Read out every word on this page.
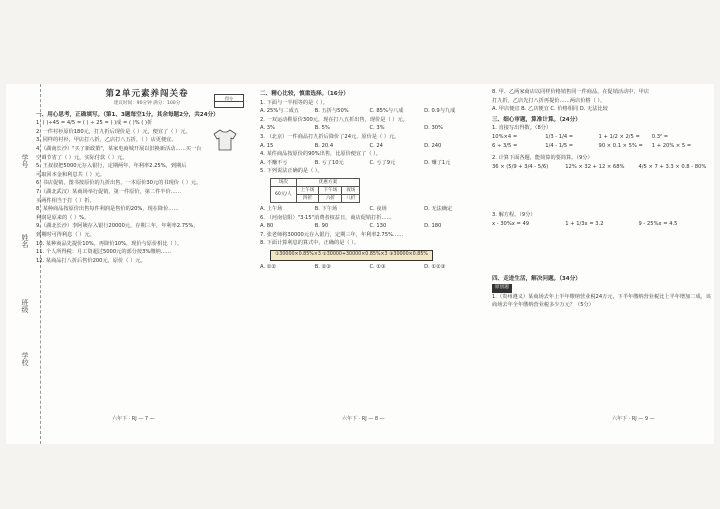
学号
姓名
班级
学校
第2单元素养闯关卷
建议时间：90分钟 满分：100分
得分
一、用心思考，正确填写。（第1、3题每空1分，其余每题2分，共24分）
1. ( )÷45 = 4/5 = ( ) ÷ 25 = ( )成 = ( )% ( )折
2. 一件衬衫原价180元，打九折后现价是（ ）元，便宜了（ ）元。
3. 同样的衬衫，甲店打八折，乙店打八五折，（ ）店更便宜。
4.（湖南长沙）"买了新政策"，某家电商城开展以旧换新活动……买一台
空调节省了（ ）元，实际付款（ ）元。
5. 王叔叔把5000元存入银行，定期两年，年利率2.25%，到期后
可取回本金和利息共（ ）元。
6. 书店促销，图书按原价的九折出售，一本原价30元的书现价（ ）元。
7.（湖北武汉）某商场举行促销，第一件原价，第二件半价……
买两件相当于打（ ）折。
8. 某种商品按原价出售每件利润是售价的20%，现在降价……
利润是原来的（ ）%。
9.（湖北长沙）李阿姨存入银行20000元，存期三年，年利率2.75%，
到期时可得利息（ ）元。
10. 某种商品先提价10%，再降价10%，现价与原价相比（ ）。
11. 个人所得税：月工资超过5000元的部分按3%缴纳……
12. 某商品打八折后售价200元，原价（ ）元。
六年下 · RJ — 7 —
二、精心比较，慎重选择。（16分）
1. 下面与一半相等的是（ ）。
A. 25%与二成五	B. 五折与50%	C. 85%与八成	D. 0.9与九成
2. 一双运动鞋原价300元，现在打八五折出售，现价是（ ）元。
A. 3%	B. 5%	C. 3%	D. 30%
3. （北京）一件商品打九折后降价了24元，原价是（ ）元。
A. 15	B. 20.4	C. 24	D. 240
4. 某件商品按原价的90%出售，比原价便宜了（ ）。
A. 不赚不亏	B. 亏了10元	C. 亏了9元	D. 赚了1元
5. 下列说法正确的是（ ）。
场次	优惠方案		
60元/人	上午场	下午场	夜场
	四折	六折	八折
A. 上午场	B. 下午场	C. 夜场	D. 无法确定
6. （河南信阳）"3·15"消费者权益日，商店促销打折……
A. 80	B. 90	C. 130	D. 180
7. 张老师将30000元存入银行，定期三年，年利率2.75%……
8. 下面计算利息的算式中，正确的是（ ）。
①30000×0.85%×3 ②30000+30000×0.85%×3 ③30000×0.85%
A. ①②	B. ②③	C. ①③	D. ①②③
六年下 · RJ — 8 —
8. 甲、乙两家商店以同样价格销售同一件商品，在促销活动中，甲店
打九折，乙店先打八折再提价……两店价格（ ）。
A. 甲店便宜 B. 乙店便宜 C. 价格相同 D. 无法比较
三、细心审题，算准计算。（24分）
1. 直接写出得数。（8分）
10%×4 =	1/3 - 1/4 =	1 + 1/2 × 2/5 = 0.3² =
6 ÷ 3/5 =	1/4 - 1/5 =	90 × 0.1 × 5% = 1 + 20% × 5 =
2. 计算下面各题，能简算的要简算。（9分）
36 × (5/9 + 3/4 - 5/6)	12% × 32 + 12 × 68%	4/5 × 7 + 3.3 × 0.8 - 80%
3. 解方程。（9分）
x - 30%x = 49	1 + 1/3x = 3.2	9 - 25%x = 4.5
四、走进生活，解决问题。（34分）
原创题
1.（贵州遵义）某商场去年上半年缴纳营业税24万元，下半年缴纳营业税比上半年增加二成，该商场去年全年缴纳营业税多少万元？（5分）
六年下 · RJ — 9 —
